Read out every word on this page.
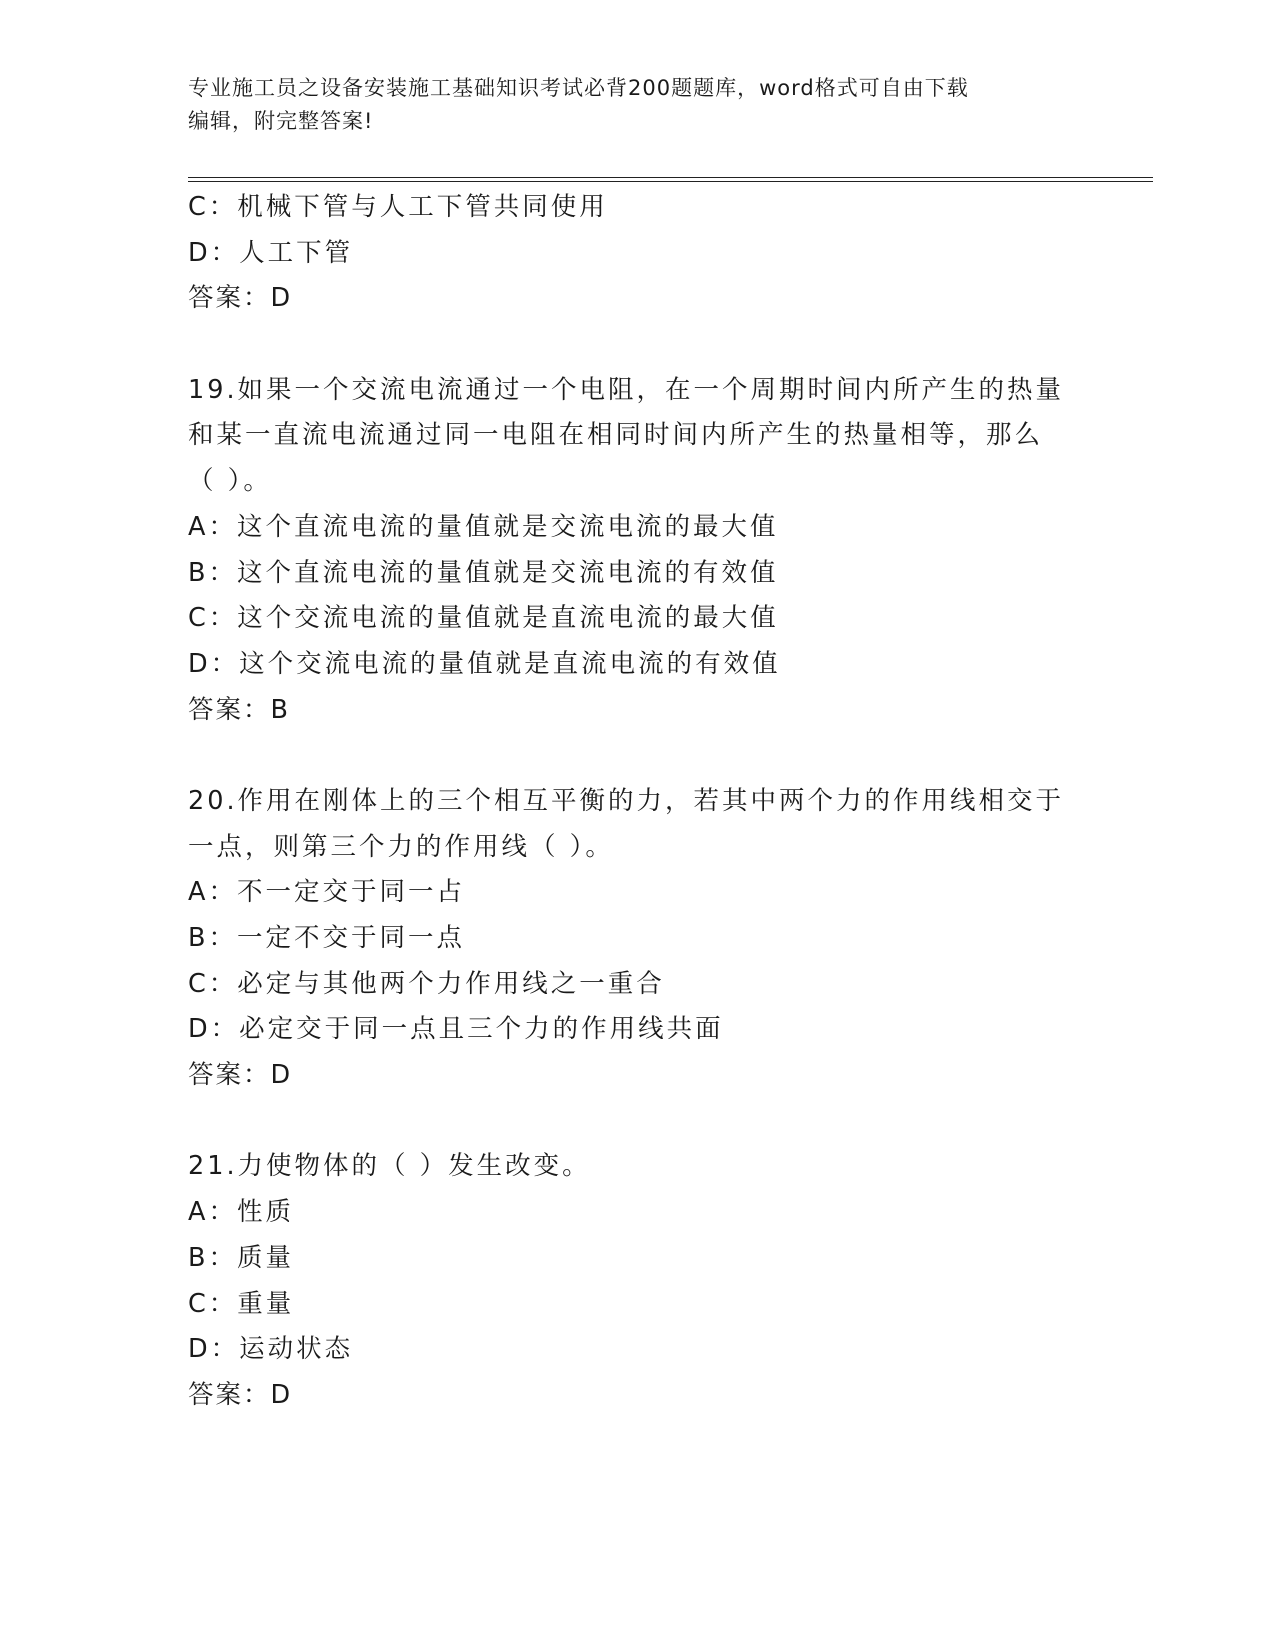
专业施工员之设备安装施工基础知识考试必背200题题库，word格式可自由下载
编辑，附完整答案!
C：机械下管与人工下管共同使用
D：人工下管
答案：D
19.如果一个交流电流通过一个电阻，在一个周期时间内所产生的热量
和某一直流电流通过同一电阻在相同时间内所产生的热量相等，那么
（ ）。
A：这个直流电流的量值就是交流电流的最大值
B：这个直流电流的量值就是交流电流的有效值
C：这个交流电流的量值就是直流电流的最大值
D：这个交流电流的量值就是直流电流的有效值
答案：B
20.作用在刚体上的三个相互平衡的力，若其中两个力的作用线相交于
一点，则第三个力的作用线（ ）。
A：不一定交于同一占
B：一定不交于同一点
C：必定与其他两个力作用线之一重合
D：必定交于同一点且三个力的作用线共面
答案：D
21.力使物体的（ ）发生改变。
A：性质
B：质量
C：重量
D：运动状态
答案：D
